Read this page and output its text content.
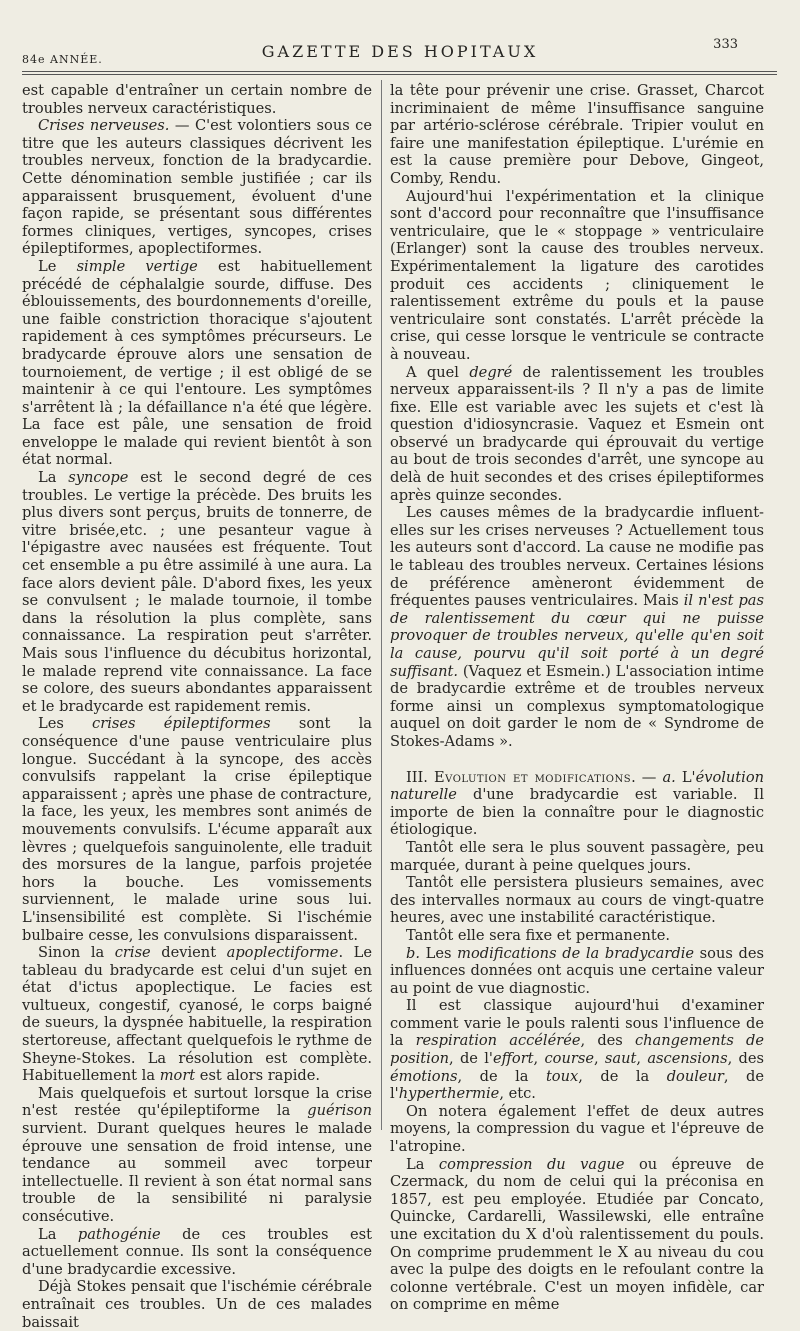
84e ANNÉE.	GAZETTE DES HOPITAUX	333

est capable d'entraîner un certain nombre de troubles nerveux caractéristiques.

Crises nerveuses. — C'est volontiers sous ce titre que les auteurs classiques décrivent les troubles nerveux, fonction de la bradycardie. Cette dénomination semble justifiée ; car ils apparaissent brusquement, évoluent d'une façon rapide, se présentant sous différentes formes cliniques, vertiges, syncopes, crises épileptiformes, apoplectiformes.

Le simple vertige est habituellement précédé de céphalalgie sourde, diffuse. Des éblouissements, des bourdonnements d'oreille, une faible constriction thoracique s'ajoutent rapidement à ces symptômes précurseurs. Le bradycarde éprouve alors une sensation de tournoiement, de vertige ; il est obligé de se maintenir à ce qui l'entoure. Les symptômes s'arrêtent là ; la défaillance n'a été que légère. La face est pâle, une sensation de froid enveloppe le malade qui revient bientôt à son état normal.

La syncope est le second degré de ces troubles. Le vertige la précède. Des bruits les plus divers sont perçus, bruits de tonnerre, de vitre brisée,etc. ; une pesanteur vague à l'épigastre avec nausées est fréquente. Tout cet ensemble a pu être assimilé à une aura. La face alors devient pâle. D'abord fixes, les yeux se convulsent ; le malade tournoie, il tombe dans la résolution la plus complète, sans connaissance. La respiration peut s'arrêter. Mais sous l'influence du décubitus horizontal, le malade reprend vite connaissance. La face se colore, des sueurs abondantes apparaissent et le bradycarde est rapidement remis.

Les crises épileptiformes sont la conséquence d'une pause ventriculaire plus longue. Succédant à la syncope, des accès convulsifs rappelant la crise épileptique apparaissent ; après une phase de contracture, la face, les yeux, les membres sont animés de mouvements convulsifs. L'écume apparaît aux lèvres ; quelquefois sanguinolente, elle traduit des morsures de la langue, parfois projetée hors la bouche. Les vomissements surviennent, le malade urine sous lui. L'insensibilité est complète. Si l'ischémie bulbaire cesse, les convulsions disparaissent.

Sinon la crise devient apoplectiforme. Le tableau du bradycarde est celui d'un sujet en état d'ictus apoplectique. Le facies est vultueux, congestif, cyanosé, le corps baigné de sueurs, la dyspnée habituelle, la respiration stertoreuse, affectant quelquefois le rythme de Sheyne-Stokes. La résolution est complète. Habituellement la mort est alors rapide.

Mais quelquefois et surtout lorsque la crise n'est restée qu'épileptiforme la guérison survient. Durant quelques heures le malade éprouve une sensation de froid intense, une tendance au sommeil avec torpeur intellectuelle. Il revient à son état normal sans trouble de la sensibilité ni paralysie consécutive.

La pathogénie de ces troubles est actuellement connue. Ils sont la conséquence d'une bradycardie excessive.

Déjà Stokes pensait que l'ischémie cérébrale entraînait ces troubles. Un de ces malades baissait

la tête pour prévenir une crise. Grasset, Charcot incriminaient de même l'insuffisance sanguine par artério-sclérose cérébrale. Tripier voulut en faire une manifestation épileptique. L'urémie en est la cause première pour Debove, Gingeot, Comby, Rendu.

Aujourd'hui l'expérimentation et la clinique sont d'accord pour reconnaître que l'insuffisance ventriculaire, que le « stoppage » ventriculaire (Erlanger) sont la cause des troubles nerveux. Expérimentalement la ligature des carotides produit ces accidents ; cliniquement le ralentissement extrême du pouls et la pause ventriculaire sont constatés. L'arrêt précède la crise, qui cesse lorsque le ventricule se contracte à nouveau.

A quel degré de ralentissement les troubles nerveux apparaissent-ils ? Il n'y a pas de limite fixe. Elle est variable avec les sujets et c'est là question d'idiosyncrasie. Vaquez et Esmein ont observé un bradycarde qui éprouvait du vertige au bout de trois secondes d'arrêt, une syncope au delà de huit secondes et des crises épileptiformes après quinze secondes.

Les causes mêmes de la bradycardie influent-elles sur les crises nerveuses ? Actuellement tous les auteurs sont d'accord. La cause ne modifie pas le tableau des troubles nerveux. Certaines lésions de préférence amèneront évidemment de fréquentes pauses ventriculaires. Mais il n'est pas de ralentissement du cœur qui ne puisse provoquer de troubles nerveux, qu'elle qu'en soit la cause, pourvu qu'il soit porté à un degré suffisant. (Vaquez et Esmein.) L'association intime de bradycardie extrême et de troubles nerveux forme ainsi un complexus symptomatologique auquel on doit garder le nom de « Syndrome de Stokes-Adams ».

III. Evolution et modifications. — a. L'évolution naturelle d'une bradycardie est variable. Il importe de bien la connaître pour le diagnostic étiologique.

Tantôt elle sera le plus souvent passagère, peu marquée, durant à peine quelques jours.

Tantôt elle persistera plusieurs semaines, avec des intervalles normaux au cours de vingt-quatre heures, avec une instabilité caractéristique.

Tantôt elle sera fixe et permanente.

b. Les modifications de la bradycardie sous des influences données ont acquis une certaine valeur au point de vue diagnostic.

Il est classique aujourd'hui d'examiner comment varie le pouls ralenti sous l'influence de la respiration accélérée, des changements de position, de l'effort, course, saut, ascensions, des émotions, de la toux, de la douleur, de l'hyperthermie, etc.

On notera également l'effet de deux autres moyens, la compression du vague et l'épreuve de l'atropine.

La compression du vague ou épreuve de Czermack, du nom de celui qui la préconisa en 1857, est peu employée. Etudiée par Concato, Quincke, Cardarelli, Wassilewski, elle entraîne une excitation du X d'où ralentissement du pouls. On comprime prudemment le X au niveau du cou avec la pulpe des doigts en le refoulant contre la colonne vertébrale. C'est un moyen infidèle, car on comprime en même
